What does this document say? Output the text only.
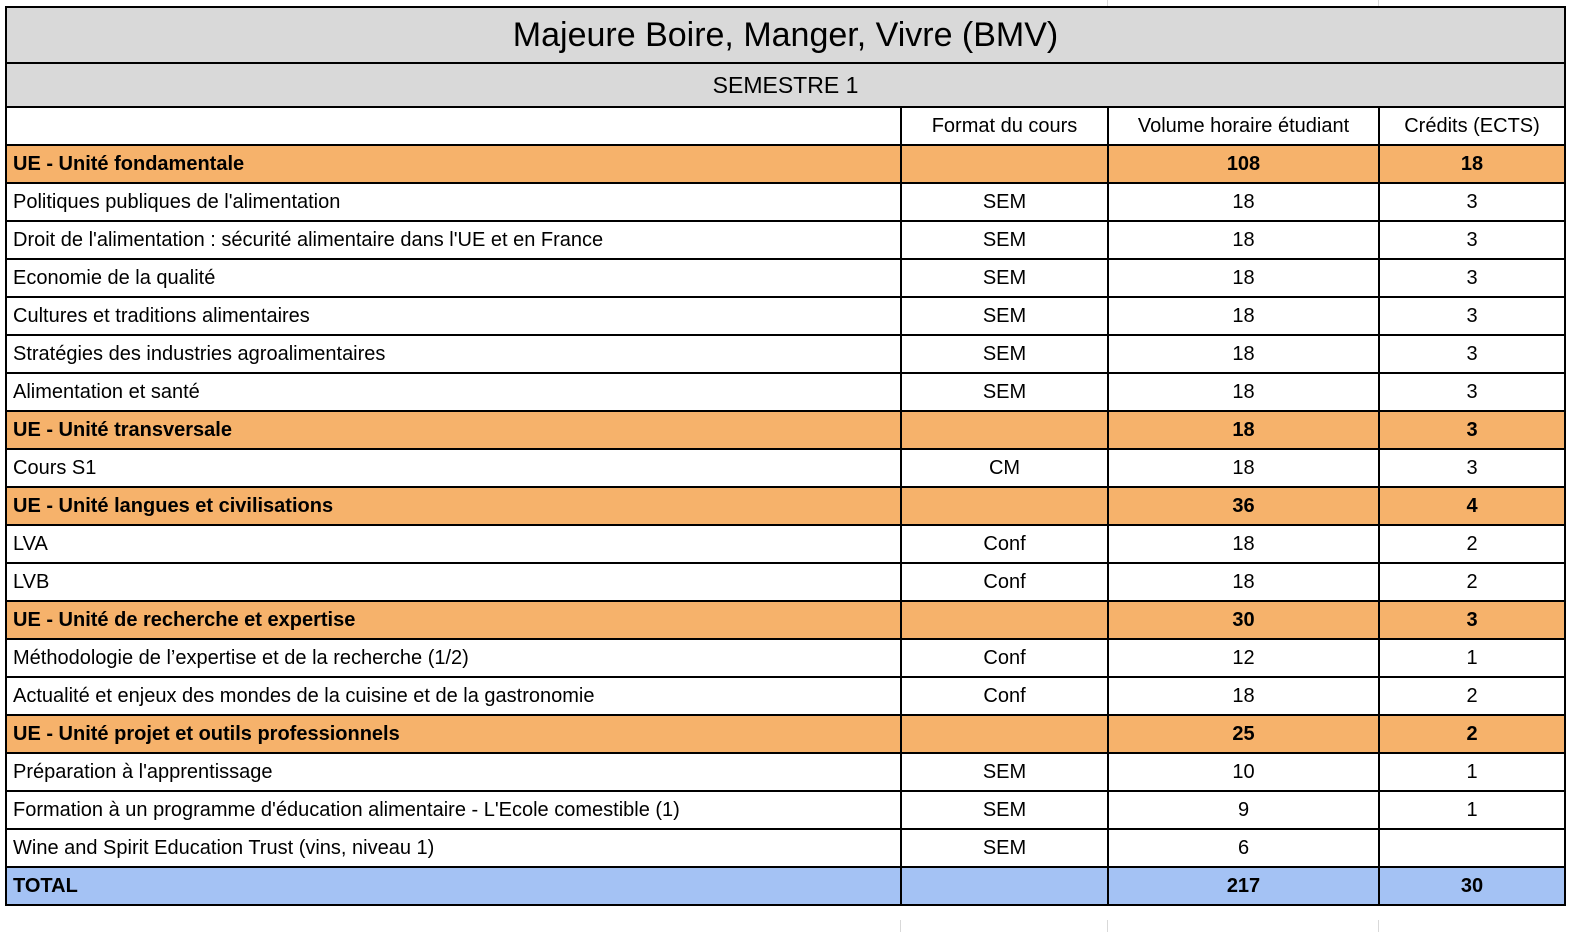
Majeure Boire, Manger, Vivre (BMV)			
SEMESTRE 1			
	Format du cours	Volume horaire étudiant	Crédits (ECTS)
UE - Unité fondamentale		108	18
Politiques publiques de l'alimentation	SEM	18	3
Droit de l'alimentation : sécurité alimentaire dans l'UE et en France	SEM	18	3
Economie de la qualité	SEM	18	3
Cultures et traditions alimentaires	SEM	18	3
Stratégies des industries agroalimentaires	SEM	18	3
Alimentation et santé	SEM	18	3
UE - Unité transversale		18	3
Cours S1	CM	18	3
UE - Unité langues et civilisations		36	4
LVA	Conf	18	2
LVB	Conf	18	2
UE - Unité de recherche et expertise		30	3
Méthodologie de l’expertise et de la recherche (1/2)	Conf	12	1
Actualité et enjeux des mondes de la cuisine et de la gastronomie	Conf	18	2
UE - Unité projet et outils professionnels		25	2
Préparation à l'apprentissage	SEM	10	1
Formation à un programme d'éducation alimentaire - L'Ecole comestible (1)	SEM	9	1
Wine and Spirit Education Trust (vins, niveau 1)	SEM	6	
TOTAL		217	30
